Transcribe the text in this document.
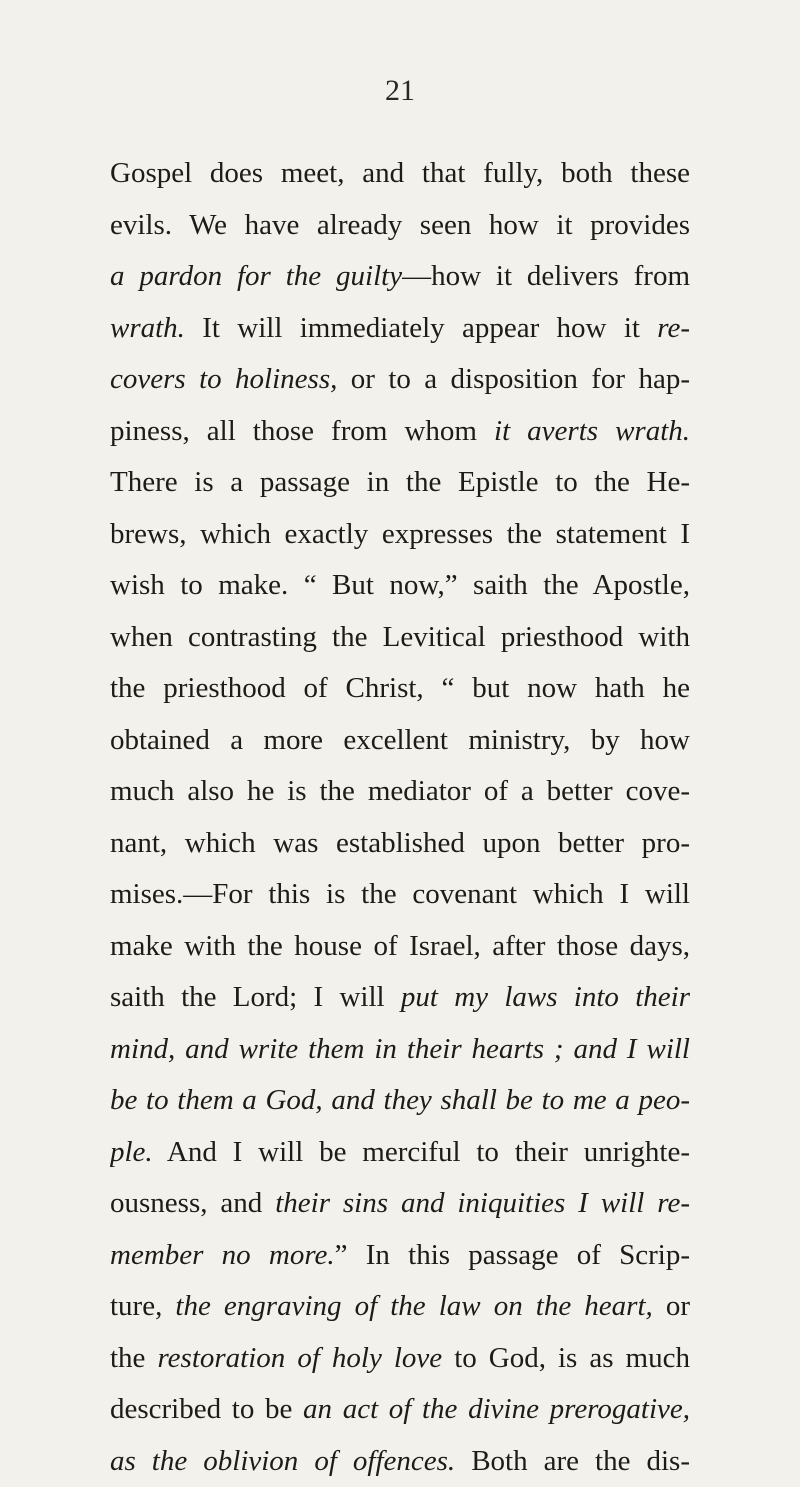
21
Gospel does meet, and that fully, both these
evils. We have already seen how it provides
a pardon for the guilty—how it delivers from
wrath. It will immediately appear how it re-
covers to holiness, or to a disposition for hap-
piness, all those from whom it averts wrath.
There is a passage in the Epistle to the He-
brews, which exactly expresses the statement I
wish to make. “ But now,” saith the Apostle,
when contrasting the Levitical priesthood with
the priesthood of Christ, “ but now hath he
obtained a more excellent ministry, by how
much also he is the mediator of a better cove-
nant, which was established upon better pro-
mises.—For this is the covenant which I will
make with the house of Israel, after those days,
saith the Lord; I will put my laws into their
mind, and write them in their hearts ; and I will
be to them a God, and they shall be to me a peo-
ple. And I will be merciful to their unrighte-
ousness, and their sins and iniquities I will re-
member no more.” In this passage of Scrip-
ture, the engraving of the law on the heart, or
the restoration of holy love to God, is as much
described to be an act of the divine prerogative,
as the oblivion of offences. Both are the dis-
